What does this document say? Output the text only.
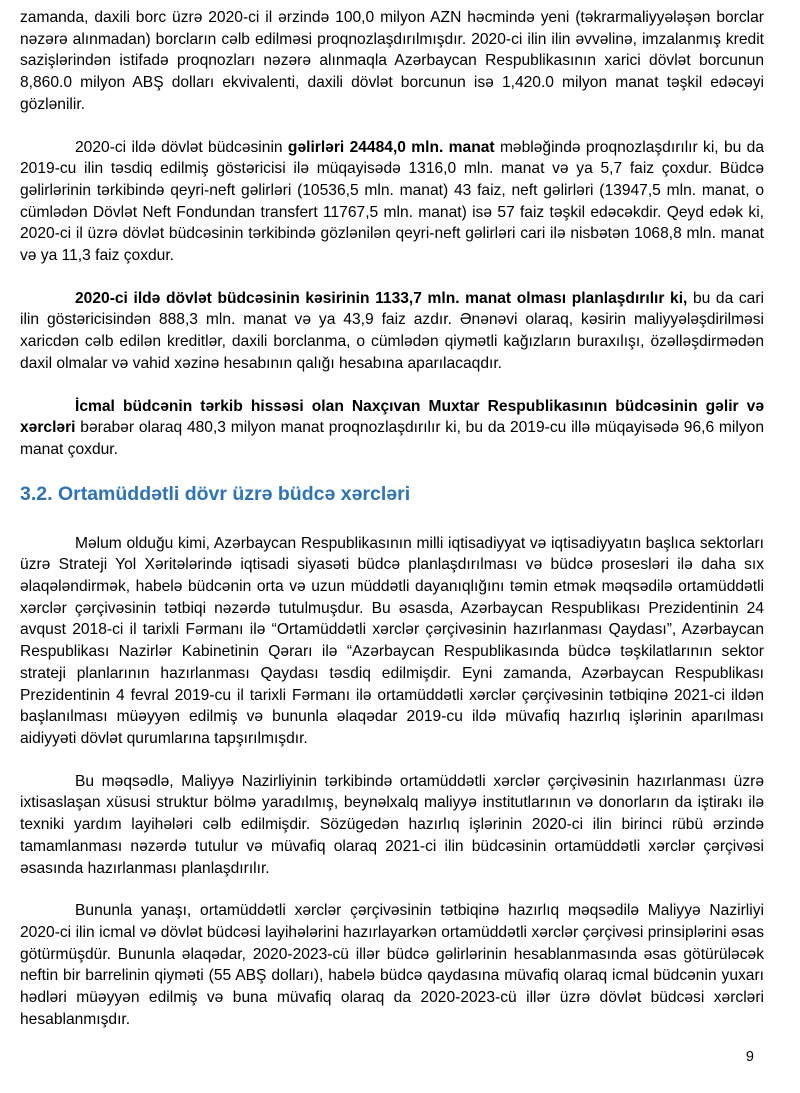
zamanda, daxili borc üzrə 2020-ci il ərzində 100,0 milyon AZN həcmində yeni (təkrarmaliyyələşən borclar nəzərə alınmadan) borcların cəlb edilməsi proqnozlaşdırılmışdır. 2020-ci ilin ilin əvvəlinə, imzalanmış kredit sazişlərindən istifadə proqnozları nəzərə alınmaqla Azərbaycan Respublikasının xarici dövlət borcunun 8,860.0 milyon ABŞ dolları ekvivalenti, daxili dövlət borcunun isə 1,420.0 milyon manat təşkil edəcəyi gözlənilir.

2020-ci ildə dövlət büdcəsinin gəlirləri 24484,0 mln. manat məbləğində proqnozlaşdırılır ki, bu da 2019-cu ilin təsdiq edilmiş göstəricisi ilə müqayisədə 1316,0 mln. manat və ya 5,7 faiz çoxdur. Büdcə gəlirlərinin tərkibində qeyri-neft gəlirləri (10536,5 mln. manat) 43 faiz, neft gəlirləri (13947,5 mln. manat, o cümlədən Dövlət Neft Fondundan transfert 11767,5 mln. manat) isə 57 faiz təşkil edəcəkdir. Qeyd edək ki, 2020-ci il üzrə dövlət büdcəsinin tərkibində gözlənilən qeyri-neft gəlirləri cari ilə nisbətən 1068,8 mln. manat və ya 11,3 faiz çoxdur.

2020-ci ildə dövlət büdcəsinin kəsirinin 1133,7 mln. manat olması planlaşdırılır ki, bu da cari ilin göstəricisindən 888,3 mln. manat və ya 43,9 faiz azdır. Ənənəvi olaraq, kəsirin maliyyələşdirilməsi xaricdən cəlb edilən kreditlər, daxili borclanma, o cümlədən qiymətli kağızların buraxılışı, özəlləşdirmədən daxil olmalar və vahid xəzinə hesabının qalığı hesabına aparılacaqdır.

İcmal büdcənin tərkib hissəsi olan Naxçıvan Muxtar Respublikasının büdcəsinin gəlir və xərcləri bərabər olaraq 480,3 milyon manat proqnozlaşdırılır ki, bu da 2019-cu illə müqayisədə 96,6 milyon manat çoxdur.

3.2. Ortamüddətli dövr üzrə büdcə xərcləri

Məlum olduğu kimi, Azərbaycan Respublikasının milli iqtisadiyyat və iqtisadiyyatın başlıca sektorları üzrə Strateji Yol Xəritələrində iqtisadi siyasəti büdcə planlaşdırılması və büdcə prosesləri ilə daha sıx əlaqələndirmək, habelə büdcənin orta və uzun müddətli dayanıqlığını təmin etmək məqsədilə ortamüddətli xərclər çərçivəsinin tətbiqi nəzərdə tutulmuşdur. Bu əsasda, Azərbaycan Respublikası Prezidentinin 24 avqust 2018-ci il tarixli Fərmanı ilə “Ortamüddətli xərclər çərçivəsinin hazırlanması Qaydası”, Azərbaycan Respublikası Nazirlər Kabinetinin Qərarı ilə “Azərbaycan Respublikasında büdcə təşkilatlarının sektor strateji planlarının hazırlanması Qaydası təsdiq edilmişdir. Eyni zamanda, Azərbaycan Respublikası Prezidentinin 4 fevral 2019-cu il tarixli Fərmanı ilə ortamüddətli xərclər çərçivəsinin tətbiqinə 2021-ci ildən başlanılması müəyyən edilmiş və bununla əlaqədar 2019-cu ildə müvafiq hazırlıq işlərinin aparılması aidiyyəti dövlət qurumlarına tapşırılmışdır.

Bu məqsədlə, Maliyyə Nazirliyinin tərkibində ortamüddətli xərclər çərçivəsinin hazırlanması üzrə ixtisaslaşan xüsusi struktur bölmə yaradılmış, beynəlxalq maliyyə institutlarının və donorların da iştirakı ilə texniki yardım layihələri cəlb edilmişdir. Sözügedən hazırlıq işlərinin 2020-ci ilin birinci rübü ərzində tamamlanması nəzərdə tutulur və müvafiq olaraq 2021-ci ilin büdcəsinin ortamüddətli xərclər çərçivəsi əsasında hazırlanması planlaşdırılır.

Bununla yanaşı, ortamüddətli xərclər çərçivəsinin tətbiqinə hazırlıq məqsədilə Maliyyə Nazirliyi 2020-ci ilin icmal və dövlət büdcəsi layihələrini hazırlayarkən ortamüddətli xərclər çərçivəsi prinsiplərini əsas götürmüşdür. Bununla əlaqədar, 2020-2023-cü illər büdcə gəlirlərinin hesablanmasında əsas götürüləcək neftin bir barrelinin qiyməti (55 ABŞ dolları), habelə büdcə qaydasına müvafiq olaraq icmal büdcənin yuxarı hədləri müəyyən edilmiş və buna müvafiq olaraq da 2020-2023-cü illər üzrə dövlət büdcəsi xərcləri hesablanmışdır.

9
